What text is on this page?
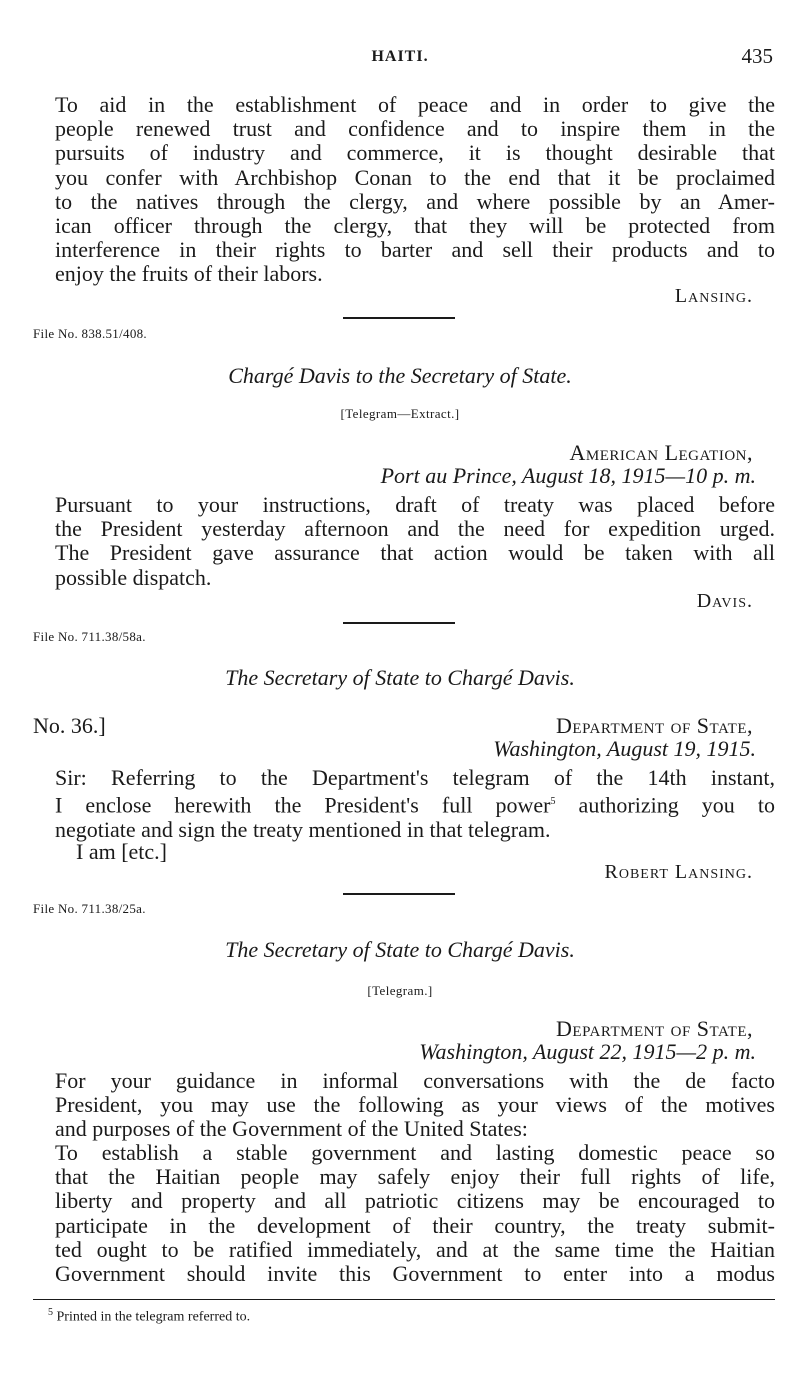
HAITI.	435
To aid in the establishment of peace and in order to give the
people renewed trust and confidence and to inspire them in the
pursuits of industry and commerce, it is thought desirable that
you confer with Archbishop Conan to the end that it be proclaimed
to the natives through the clergy, and where possible by an Amer-
ican officer through the clergy, that they will be protected from
interference in their rights to barter and sell their products and to
enjoy the fruits of their labors.
Lansing.
File No. 838.51/408.
Chargé Davis to the Secretary of State.
[Telegram—Extract.]
American Legation,
Port au Prince, August 18, 1915—10 p. m.
Pursuant to your instructions, draft of treaty was placed before
the President yesterday afternoon and the need for expedition urged.
The President gave assurance that action would be taken with all
possible dispatch.
Davis.
File No. 711.38/58a.
The Secretary of State to Chargé Davis.
No. 36.]	Department of State,
Washington, August 19, 1915.
Sir: Referring to the Department's telegram of the 14th instant,
I enclose herewith the President's full power$^5$ authorizing you to
negotiate and sign the treaty mentioned in that telegram.
I am [etc.]
Robert Lansing.
File No. 711.38/25a.
The Secretary of State to Chargé Davis.
[Telegram.]
Department of State,
Washington, August 22, 1915—2 p. m.
For your guidance in informal conversations with the de facto
President, you may use the following as your views of the motives
and purposes of the Government of the United States:
To establish a stable government and lasting domestic peace so
that the Haitian people may safely enjoy their full rights of life,
liberty and property and all patriotic citizens may be encouraged to
participate in the development of their country, the treaty submit-
ted ought to be ratified immediately, and at the same time the Haitian
Government should invite this Government to enter into a modus
$^5$ Printed in the telegram referred to.
